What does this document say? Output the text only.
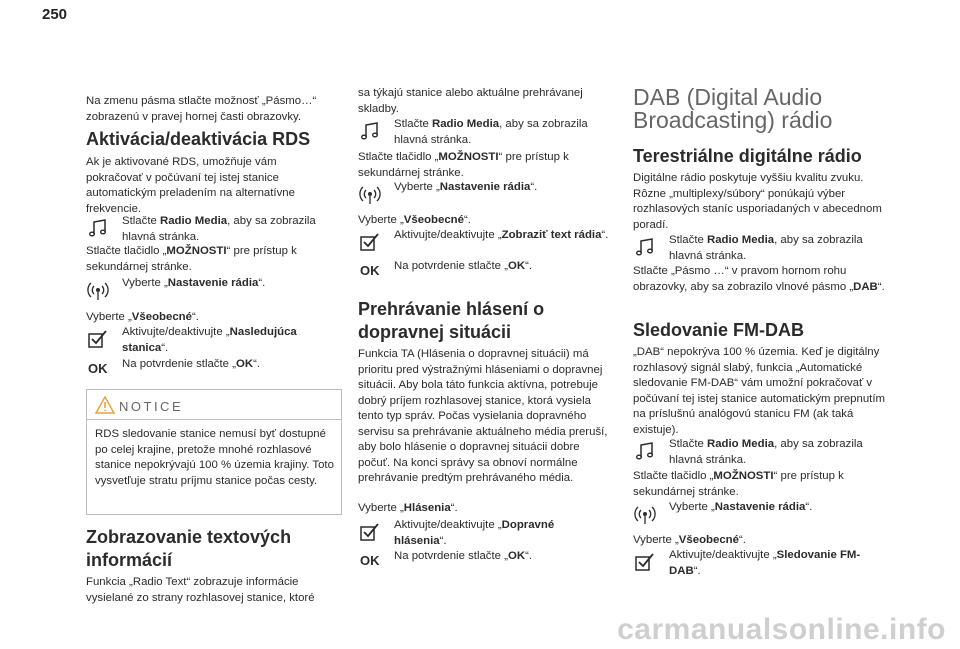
250

Na zmenu pásma stlačte možnosť „Pásmo…“ zobrazenú v pravej hornej časti obrazovky.

Aktivácia/deaktivácia RDS

Ak je aktivované RDS, umožňuje vám pokračovať v počúvaní tej istej stanice automatickým preladením na alternatívne frekvencie.

Stlačte Radio Media, aby sa zobrazila hlavná stránka.

Stlačte tlačidlo „MOŽNOSTI“ pre prístup k sekundárnej stránke.

Vyberte „Nastavenie rádia“.

Vyberte „Všeobecné“.

Aktivujte/deaktivujte „Nasledujúca stanica“.
OK Na potvrdenie stlačte „OK“.
NOTICE
RDS sledovanie stanice nemusí byť dostupné po celej krajine, pretože mnohé rozhlasové stanice nepokrývajú 100 % územia krajiny. Toto vysvetľuje stratu príjmu stanice počas cesty.
Zobrazovanie textových
informácií

Funkcia „Radio Text“ zobrazuje informácie vysielané zo strany rozhlasovej stanice, ktoré

sa týkajú stanice alebo aktuálne prehrávanej skladby.

Stlačte Radio Media, aby sa zobrazila hlavná stránka.

Stlačte tlačidlo „MOŽNOSTI“ pre prístup k sekundárnej stránke.

Vyberte „Nastavenie rádia“.

Vyberte „Všeobecné“.

Aktivujte/deaktivujte „Zobraziť text rádia“.
OK Na potvrdenie stlačte „OK“.
Prehrávanie hlásení o
dopravnej situácii

Funkcia TA (Hlásenia o dopravnej situácii) má prioritu pred výstražnými hláseniami o dopravnej situácii. Aby bola táto funkcia aktívna, potrebuje dobrý príjem rozhlasovej stanice, ktorá vysiela tento typ správ. Počas vysielania dopravného servisu sa prehrávanie aktuálneho média preruší, aby bolo hlásenie o dopravnej situácii dobre počuť. Na konci správy sa obnoví normálne prehrávanie predtým prehrávaného média.

Vyberte „Hlásenia“.

Aktivujte/deaktivujte „Dopravné hlásenia“.
OK Na potvrdenie stlačte „OK“.
DAB (Digital Audio
Broadcasting) rádio
Terestriálne digitálne rádio

Digitálne rádio poskytuje vyššiu kvalitu zvuku. Rôzne „multiplexy/súbory“ ponúkajú výber rozhlasových staníc usporiadaných v abecednom poradí.

Stlačte Radio Media, aby sa zobrazila hlavná stránka.

Stlačte „Pásmo …“ v pravom hornom rohu obrazovky, aby sa zobrazilo vlnové pásmo „DAB“.

Sledovanie FM-DAB

„DAB“ nepokrýva 100 % územia. Keď je digitálny rozhlasový signál slabý, funkcia „Automatické sledovanie FM-DAB“ vám umožní pokračovať v počúvaní tej istej stanice automatickým prepnutím na príslušnú analógovú stanicu FM (ak taká existuje).

Stlačte Radio Media, aby sa zobrazila hlavná stránka.

Stlačte tlačidlo „MOŽNOSTI“ pre prístup k sekundárnej stránke.

Vyberte „Nastavenie rádia“.

Vyberte „Všeobecné“.

Aktivujte/deaktivujte „Sledovanie FM-DAB“.
carmanualsonline.info
